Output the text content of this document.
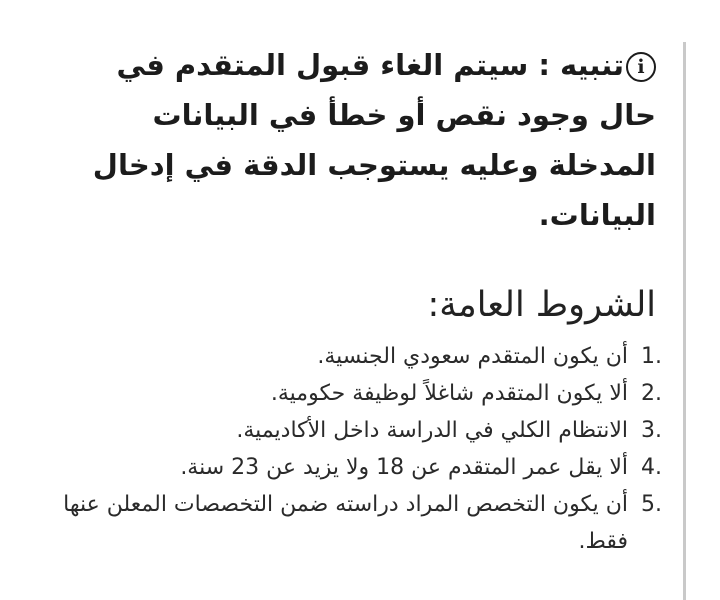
iتنبيه : سيتم الغاء قبول المتقدم في حال وجود نقص أو خطأ في البيانات المدخلة وعليه يستوجب الدقة في إدخال البيانات.

الشروط العامة:
1.
أن يكون المتقدم سعودي الجنسية.
2.
ألا يكون المتقدم شاغلاً لوظيفة حكومية.
3.
الانتظام الكلي في الدراسة داخل الأكاديمية.
4.
ألا يقل عمر المتقدم عن 18 ولا يزيد عن 23 سنة.
5.
أن يكون التخصص المراد دراسته ضمن التخصصات المعلن عنها فقط.
